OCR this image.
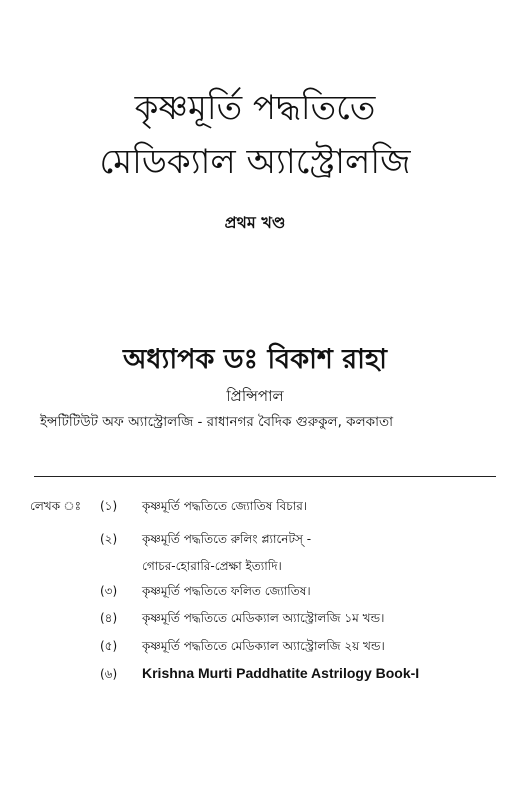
কৃষ্ণমূর্তি পদ্ধতিতে
মেডিক্যাল অ্যাস্ট্রোলজি
প্রথম খণ্ড
অধ্যাপক ডঃ বিকাশ রাহা
প্রিন্সিপাল
ইন্সটিটিউট অফ অ্যাস্ট্রোলজি - রাধানগর বৈদিক গুরুকুল, কলকাতা
লেখক ঃ (১) কৃষ্ণমূর্তি পদ্ধতিতে জ্যোতিষ বিচার।
(২) কৃষ্ণমূর্তি পদ্ধতিতে রুলিং প্ল্যানেটস্ -
গোচর-হোরারি-প্রেক্ষা ইত্যাদি।
(৩) কৃষ্ণমূর্তি পদ্ধতিতে ফলিত জ্যোতিষ।
(৪) কৃষ্ণমূর্তি পদ্ধতিতে মেডিক্যাল অ্যাস্ট্রোলজি ১ম খন্ড।
(৫) কৃষ্ণমূর্তি পদ্ধতিতে মেডিক্যাল অ্যাস্ট্রোলজি ২য় খন্ড।
(৬) Krishna Murti Paddhatite Astrilogy Book-I
